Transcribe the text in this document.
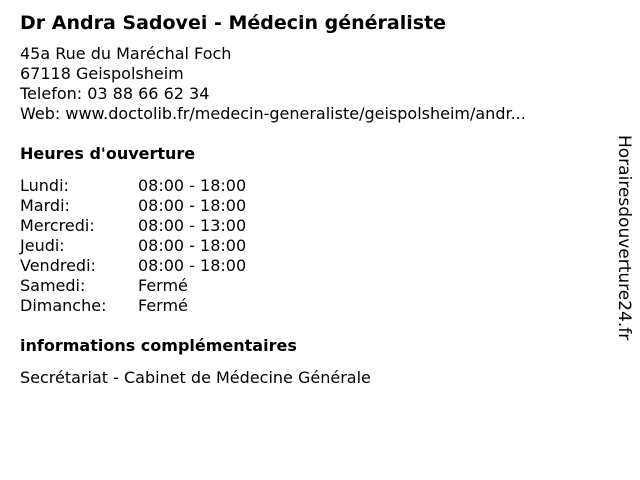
Dr Andra Sadovei - Médecin généraliste
45a Rue du Maréchal Foch
67118 Geispolsheim
Telefon: 03 88 66 62 34
Web: www.doctolib.fr/medecin-generaliste/geispolsheim/andr...
Heures d'ouverture
Lundi:	08:00 - 18:00
Mardi:	08:00 - 18:00
Mercredi:	08:00 - 13:00
Jeudi:	08:00 - 18:00
Vendredi:	08:00 - 18:00
Samedi:	Fermé
Dimanche:	Fermé
informations complémentaires
Secrétariat - Cabinet de Médecine Générale
Horairesdouverture24.fr
